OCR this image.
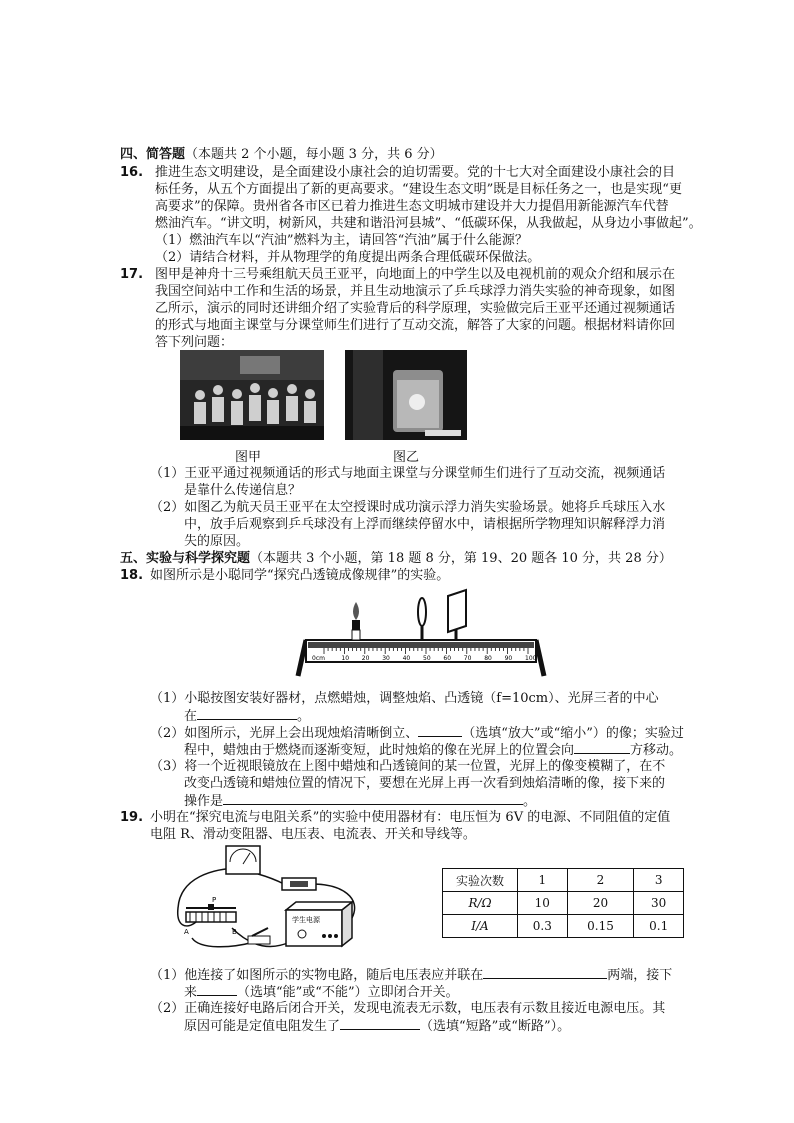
四、简答题（本题共 2 个小题，每小题 3 分，共 6 分）
16. 推进生态文明建设，是全面建设小康社会的迫切需要。党的十七大对全面建设小康社会的目
标任务，从五个方面提出了新的更高要求。“建设生态文明”既是目标任务之一，也是实现“更
高要求”的保障。贵州省各市区已着力推进生态文明城市建设并大力提倡用新能源汽车代替
燃油汽车。“讲文明，树新风，共建和谐沿河县城”、“低碳环保，从我做起，从身边小事做起”。
（1）燃油汽车以“汽油”燃料为主，请回答“汽油”属于什么能源？
（2）请结合材料，并从物理学的角度提出两条合理低碳环保做法。
17. 图甲是神舟十三号乘组航天员王亚平，向地面上的中学生以及电视机前的观众介绍和展示在
我国空间站中工作和生活的场景，并且生动地演示了乒乓球浮力消失实验的神奇现象，如图
乙所示，演示的同时还讲细介绍了实验背后的科学原理，实验做完后王亚平还通过视频通话
的形式与地面主课堂与分课堂师生们进行了互动交流，解答了大家的问题。根据材料请你回
答下列问题：
图甲	图乙
（1）王亚平通过视频通话的形式与地面主课堂与分课堂师生们进行了互动交流，视频通话
是靠什么传递信息？
（2）如图乙为航天员王亚平在太空授课时成功演示浮力消失实验场景。她将乒乓球压入水
中，放手后观察到乒乓球没有上浮而继续停留水中，请根据所学物理知识解释浮力消
失的原因。
五、实验与科学探究题（本题共 3 个小题，第 18 题 8 分，第 19、20 题各 10 分，共 28 分）
18. 如图所示是小聪同学“探究凸透镜成像规律”的实验。
0cm	10 20 30 40 50 60 70 80 90 100
（1）小聪按图安装好器材，点燃蜡烛，调整烛焰、凸透镜（f=10cm）、光屏三者的中心
在	。
（2）如图所示，光屏上会出现烛焰清晰倒立、	（选填“放大”或“缩小”）的像；实验过
程中，蜡烛由于燃烧而逐渐变短，此时烛焰的像在光屏上的位置会向	方移动。
（3）将一个近视眼镜放在上图中蜡烛和凸透镜间的某一位置，光屏上的像变模糊了，在不
改变凸透镜和蜡烛位置的情况下，要想在光屏上再一次看到烛焰清晰的像，接下来的
操作是	。
19. 小明在“探究电流与电阻关系”的实验中使用器材有：电压恒为 6V 的电源、不同阻值的定值
电阻 R、滑动变阻器、电压表、电流表、开关和导线等。
P
A	B
学生电源
实验次数	1	2	3
R/Ω	10	20	30
I/A	0.3	0.15	0.1
（1）他连接了如图所示的实物电路，随后电压表应并联在	两端，接下
来	（选填“能”或“不能”）立即闭合开关。
（2）正确连接好电路后闭合开关，发现电流表无示数，电压表有示数且接近电源电压。其
原因可能是定值电阻发生了	（选填“短路”或“断路”）。
